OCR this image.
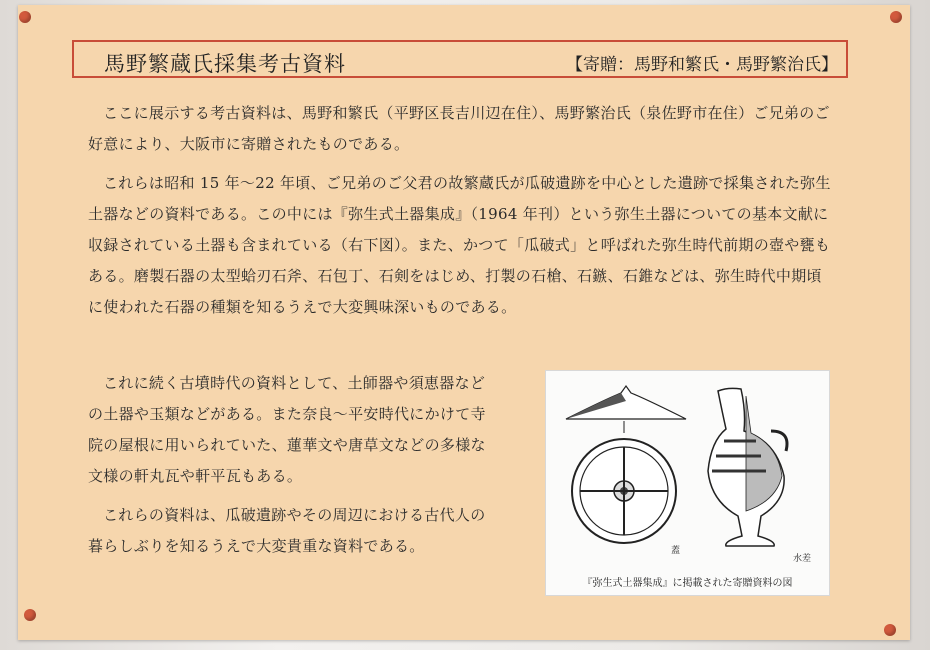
馬野繁蔵氏採集考古資料	【寄贈：馬野和繁氏・馬野繁治氏】

ここに展示する考古資料は、馬野和繁氏（平野区長吉川辺在住）、馬野繁治氏（泉佐野市在住）ご兄弟のご好意により、大阪市に寄贈されたものである。

これらは昭和 15 年～22 年頃、ご兄弟のご父君の故繁蔵氏が瓜破遺跡を中心とした遺跡で採集された弥生土器などの資料である。この中には『弥生式土器集成』（1964 年刊）という弥生土器についての基本文献に収録されている土器も含まれている（右下図）。また、かつて「瓜破式」と呼ばれた弥生時代前期の壺や甕もある。磨製石器の太型蛤刃石斧、石包丁、石剣をはじめ、打製の石槍、石鏃、石錐などは、弥生時代中期頃に使われた石器の種類を知るうえで大変興味深いものである。

これに続く古墳時代の資料として、土師器や須恵器などの土器や玉類などがある。また奈良～平安時代にかけて寺院の屋根に用いられていた、蓮華文や唐草文などの多様な文様の軒丸瓦や軒平瓦もある。

これらの資料は、瓜破遺跡やその周辺における古代人の暮らしぶりを知るうえで大変貴重な資料である。	蓋
水差
『弥生式土器集成』に掲載された寄贈資料の図
